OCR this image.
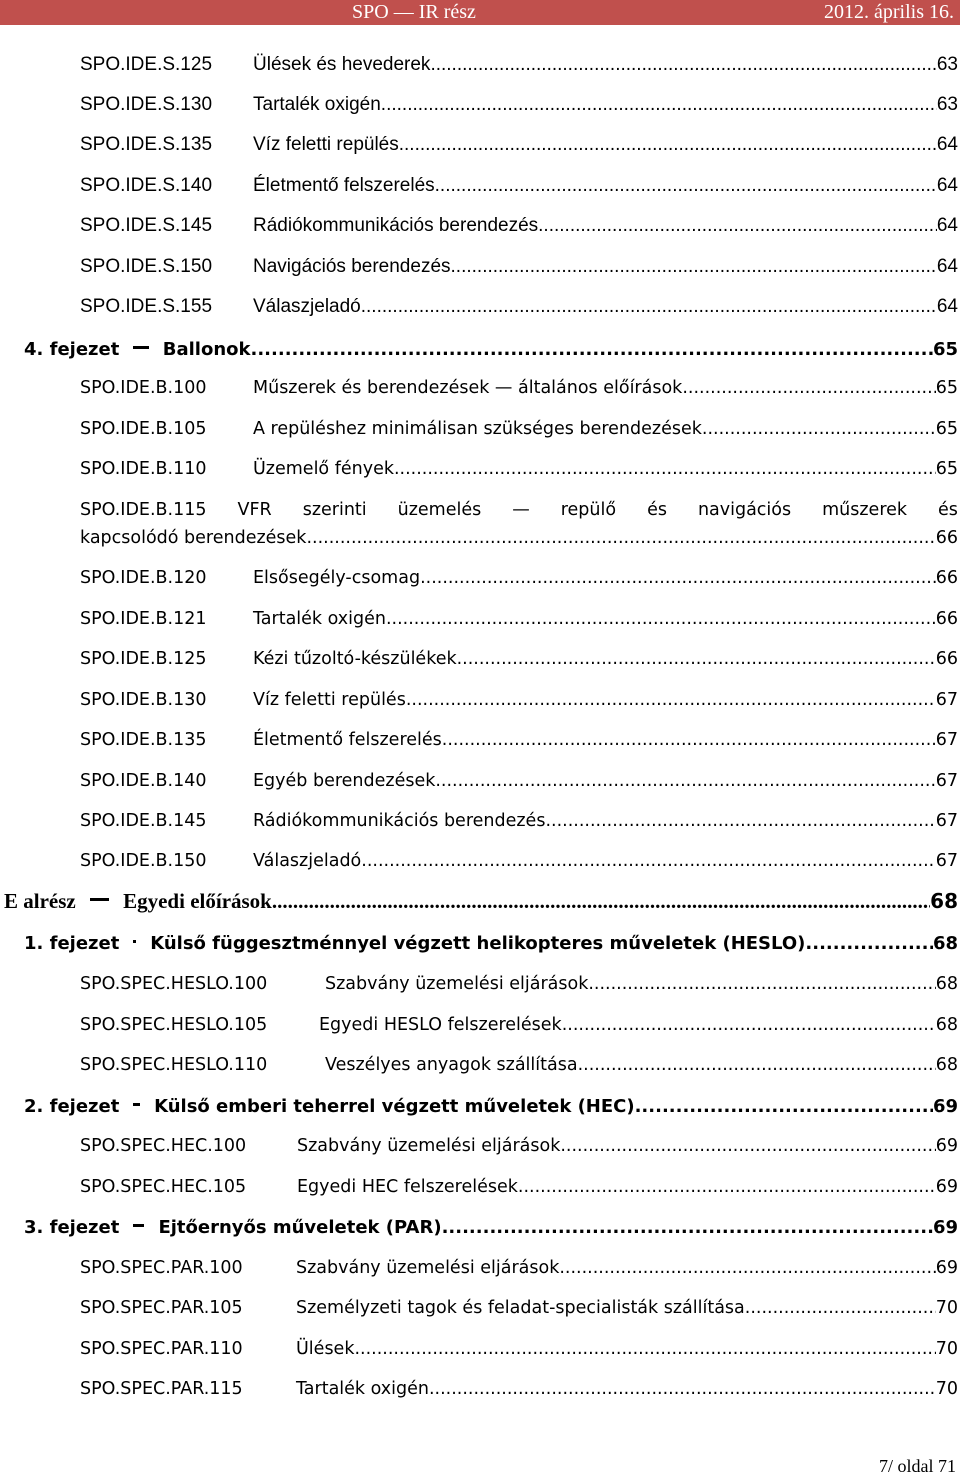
SPO — IR rész	2012. április 16.
SPO.IDE.S.125	Ülések és hevederek .....	63
SPO.IDE.S.130	Tartalék oxigén .....	63
SPO.IDE.S.135	Víz feletti repülés .....	64
SPO.IDE.S.140	Életmentő felszerelés .....	64
SPO.IDE.S.145	Rádiókommunikációs berendezés .....	64
SPO.IDE.S.150	Navigációs berendezés .....	64
SPO.IDE.S.155	Válaszjeladó .....	64
4. fejezet Ballonok .....	65
SPO.IDE.B.100	Műszerek és berendezések — általános előírások .....	65
SPO.IDE.B.105	A repüléshez minimálisan szükséges berendezések .....	65
SPO.IDE.B.110	Üzemelő fények .....	65
SPO.IDE.B.115 VFR szerinti üzemelés — repülő és navigációs műszerek és
kapcsolódó berendezések .....	66
SPO.IDE.B.120	Elsősegély-csomag .....	66
SPO.IDE.B.121	Tartalék oxigén .....	66
SPO.IDE.B.125	Kézi tűzoltó-készülékek .....	66
SPO.IDE.B.130	Víz feletti repülés .....	67
SPO.IDE.B.135	Életmentő felszerelés .....	67
SPO.IDE.B.140	Egyéb berendezések .....	67
SPO.IDE.B.145	Rádiókommunikációs berendezés .....	67
SPO.IDE.B.150	Válaszjeladó .....	67
E alrész Egyedi előírások .....	68
1. fejezet Külső függesztménnyel végzett helikopteres műveletek (HESLO) .....	68
SPO.SPEC.HESLO.100	Szabvány üzemelési eljárások .....	68
SPO.SPEC.HESLO.105	Egyedi HESLO felszerelések .....	68
SPO.SPEC.HESLO.110	Veszélyes anyagok szállítása .....	68
2. fejezet Külső emberi teherrel végzett műveletek (HEC) .....	69
SPO.SPEC.HEC.100	Szabvány üzemelési eljárások .....	69
SPO.SPEC.HEC.105	Egyedi HEC felszerelések .....	69
3. fejezet Ejtőernyős műveletek (PAR) .....	69
SPO.SPEC.PAR.100	Szabvány üzemelési eljárások .....	69
SPO.SPEC.PAR.105	Személyzeti tagok és feladat-specialisták szállítása .....	70
SPO.SPEC.PAR.110	Ülések .....	70
SPO.SPEC.PAR.115	Tartalék oxigén .....	70
7/ oldal 71
